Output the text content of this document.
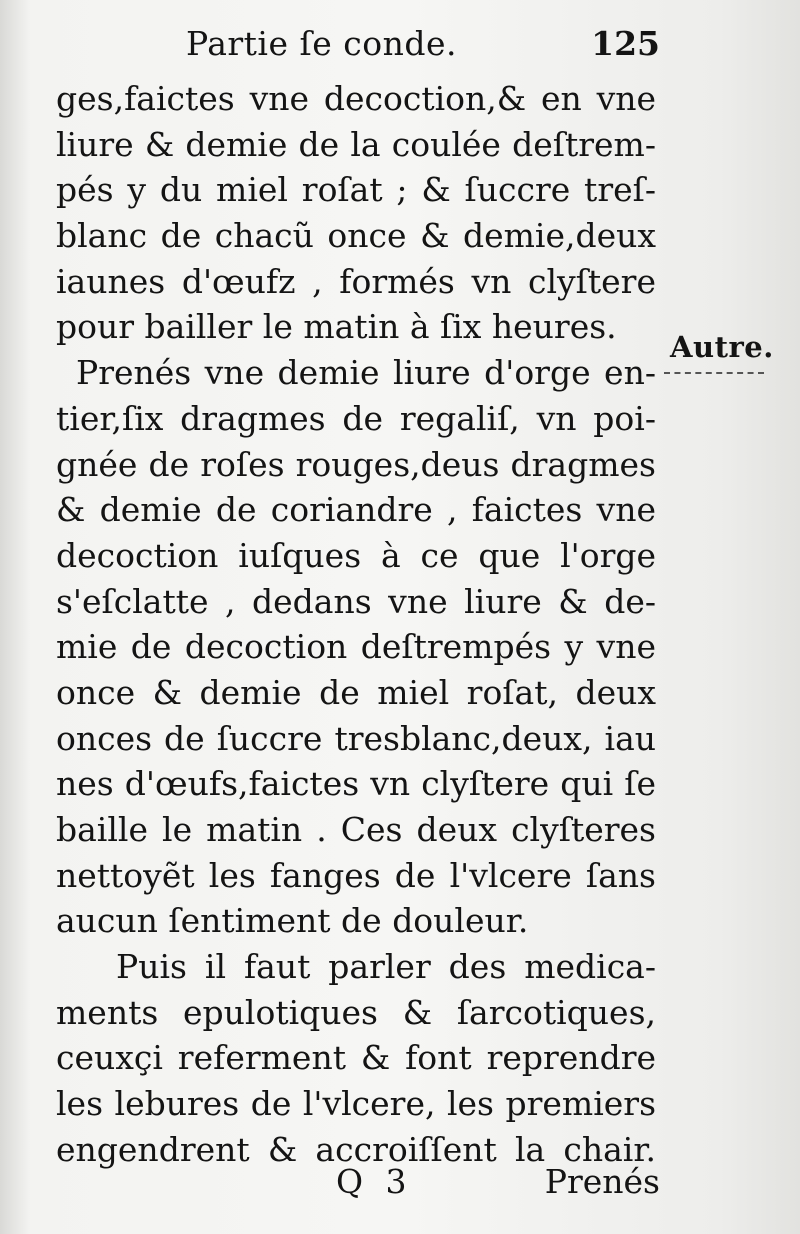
Partie ſe conde.	125
ges,faictes vne decoction,& en vne
liure & demie de la coulée deſtrem-
pés y du miel roſat ; & ſuccre treſ-
blanc de chacũ once & demie,deux
iaunes d'œufz , formés vn clyſtere
pour bailler le matin à ſix heures.
Prenés vne demie liure d'orge en-
tier,ſix dragmes de regaliſ, vn poi-
gnée de roſes rouges,deus dragmes
& demie de coriandre , faictes vne
decoction iuſques à ce que l'orge
s'eſclatte , dedans vne liure & de-
mie de decoction deſtrempés y vne
once & demie de miel roſat, deux
onces de ſuccre tresblanc,deux, iau
nes d'œufs,faictes vn clyſtere qui ſe
baille le matin . Ces deux clyſteres
nettoyẽt les fanges de l'vlcere ſans
aucun ſentiment de douleur.
Puis il faut parler des medica-
ments epulotiques & ſarcotiques,
ceuxçi referment & font reprendre
les lebures de l'vlcere, les premiers
engendrent & accroiſſent la chair.
Autre.
Q 3	Prenés
